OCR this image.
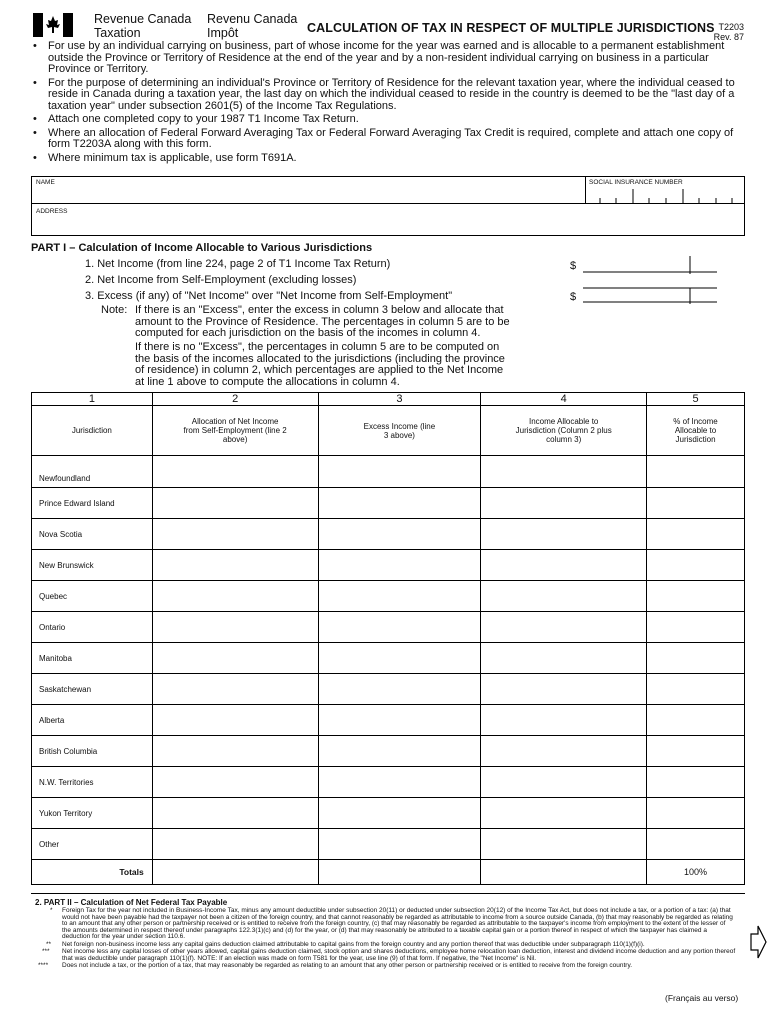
Revenue Canada
Taxation
Revenu Canada
Impôt	CALCULATION OF TAX IN RESPECT OF MULTIPLE JURISDICTIONS T2203
Rev. 87
• For use by an individual carrying on business, part of whose income for the year was earned and is allocable to a permanent establishment outside the Province or Territory of Residence at the end of the year and by a non-resident individual carrying on business in a particular Province or Territory.
• For the purpose of determining an individual's Province or Territory of Residence for the relevant taxation year, where the individual ceased to reside in Canada during a taxation year, the last day on which the individual ceased to reside in the country is deemed to be the "last day of a taxation year" under subsection 2601(5) of the Income Tax Regulations.
• Attach one completed copy to your 1987 T1 Income Tax Return.
• Where an allocation of Federal Forward Averaging Tax or Federal Forward Averaging Tax Credit is required, complete and attach one copy of form T2203A along with this form.
• Where minimum tax is applicable, use form T691A.
NAME	SOCIAL INSURANCE NUMBER
ADDRESS
PART I – Calculation of Income Allocable to Various Jurisdictions
1. Net Income (from line 224, page 2 of T1 Income Tax Return)
2. Net Income from Self-Employment (excluding losses)
3. Excess (if any) of "Net Income" over "Net Income from Self-Employment"
$
$
Note: If there is an "Excess", enter the excess in column 3 below and allocate that amount to the Province of Residence. The percentages in column 5 are to be computed for each jurisdiction on the basis of the incomes in column 4.
If there is no "Excess", the percentages in column 5 are to be computed on the basis of the incomes allocated to the jurisdictions (including the province of residence) in column 2, which percentages are applied to the Net Income at line 1 above to compute the allocations in column 4.
1	2	3	4	5
Jurisdiction	Allocation of Net Income from Self-Employment (line 2 above)	Excess Income (line 3 above)	Income Allocable to Jurisdiction (Column 2 plus column 3)	% of Income Allocable to Jurisdiction
Newfoundland				
Prince Edward Island				
Nova Scotia				
New Brunswick				
Quebec				
Ontario				
Manitoba				
Saskatchewan				
Alberta				
British Columbia				
N.W. Territories				
Yukon Territory				
Other				
Totals				100%
2. PART II – Calculation of Net Federal Tax Payable
* Foreign Tax for the year not included in Business-Income Tax, minus any amount deductible under subsection 20(11) or deducted under subsection 20(12) of the Income Tax Act, but does not include a tax, or a portion of a tax: (a) that would not have been payable had the taxpayer not been a citizen of the foreign country, and that cannot reasonably be regarded as attributable to income from a source outside Canada, (b) that may reasonably be regarded as relating to an amount that any other person or partnership received or is entitled to receive from the foreign country, (c) that may reasonably be regarded as attributable to the taxpayer's income from employment to the extent of the lesser of the amounts determined in respect thereof under paragraphs 122.3(1)(c) and (d) for the year, or (d) that may reasonably be attributed to a taxable capital gain or a portion thereof in respect of which the taxpayer has claimed a deduction for the year under section 110.6.
** Net foreign non-business income less any capital gains deduction claimed attributable to capital gains from the foreign country and any portion thereof that was deductible under subparagraph 110(1)(f)(i).
*** Net income less any capital losses of other years allowed, capital gains deduction claimed, stock option and shares deductions, employee home relocation loan deduction, interest and dividend income deduction and any portion thereof that was deductible under paragraph 110(1)(f). NOTE: If an election was made on form T581 for the year, use line (9) of that form. If negative, the "Net Income" is Nil.
**** Does not include a tax, or the portion of a tax, that may reasonably be regarded as relating to an amount that any other person or partnership received or is entitled to receive from the foreign country.
(Français au verso)
